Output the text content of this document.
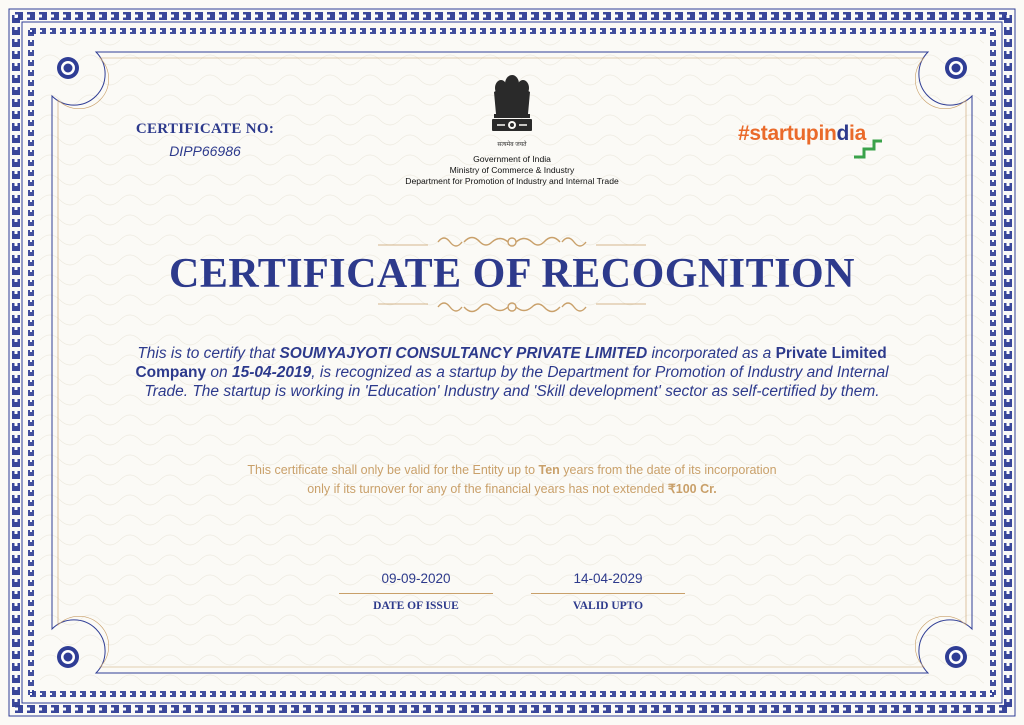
CERTIFICATE NO:
DIPP66986	सत्यमेव जयते
Government of India
Ministry of Commerce & Industry
Department for Promotion of Industry and Internal Trade
#startupindia
CERTIFICATE OF RECOGNITION
This is to certify that SOUMYAJYOTI CONSULTANCY PRIVATE LIMITED incorporated as a Private Limited Company on 15-04-2019, is recognized as a startup by the Department for Promotion of Industry and Internal Trade. The startup is working in 'Education' Industry and 'Skill development' sector as self-certified by them.
This certificate shall only be valid for the Entity up to Ten years from the date of its incorporation
only if its turnover for any of the financial years has not extended ₹100 Cr.
09-09-2020
DATE OF ISSUE
14-04-2029
VALID UPTO
